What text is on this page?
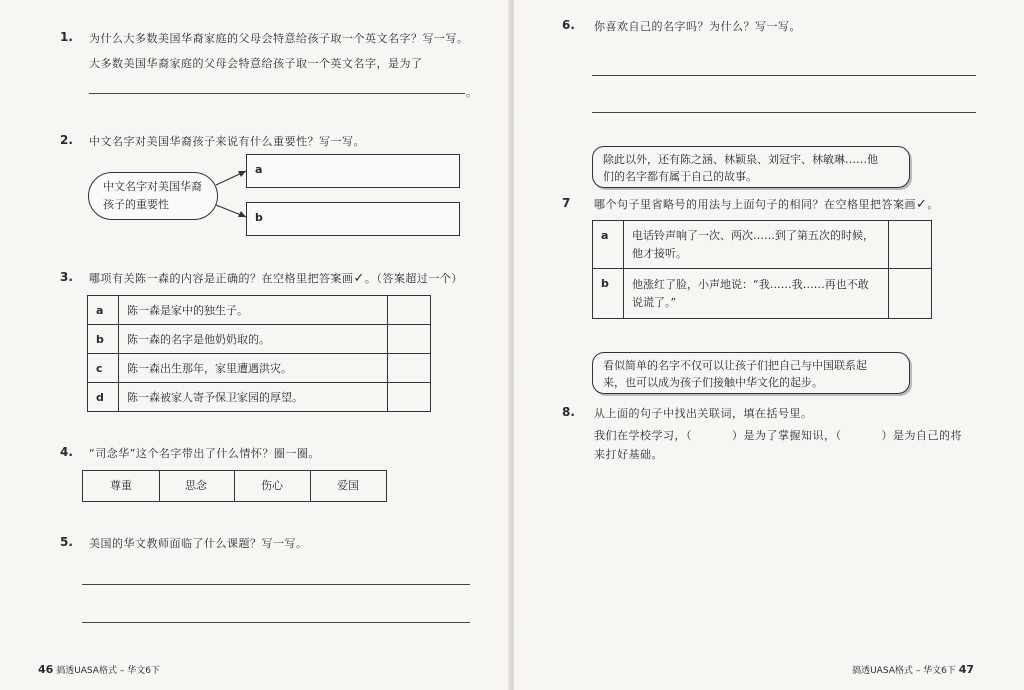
1. 为什么大多数美国华裔家庭的父母会特意给孩子取一个英文名字？写一写。
大多数美国华裔家庭的父母会特意给孩子取一个英文名字，是为了
。
2. 中文名字对美国华裔孩子来说有什么重要性？写一写。
中文名字对美国华裔
孩子的重要性
a
b
3. 哪项有关陈一森的内容是正确的？在空格里把答案画✓。（答案超过一个）
a	陈一森是家中的独生子。	
b	陈一森的名字是他奶奶取的。	
c	陈一森出生那年，家里遭遇洪灾。	
d	陈一森被家人寄予保卫家园的厚望。	
4. “司念华”这个名字带出了什么情怀？圈一圈。
尊重	思念	伤心	爱国
5. 美国的华文教师面临了什么课题？写一写。
46 搞透UASA格式 – 华文6下
6. 你喜欢自己的名字吗？为什么？写一写。
除此以外，还有陈之涵、林颖泉、刘冠宇、林敏琳……他
们的名字都有属于自己的故事。
7 哪个句子里省略号的用法与上面句子的相同？在空格里把答案画✓。
a	电话铃声响了一次、两次……到了第五次的时候，
他才接听。	

b	他涨红了脸，小声地说：“我……我……再也不敢
说谎了。”	

看似简单的名字不仅可以让孩子们把自己与中国联系起
来，也可以成为孩子们接触中华文化的起步。
8. 从上面的句子中找出关联词，填在括号里。
我们在学校学习，（	）是为了掌握知识，（	）是为自己的将
来打好基础。
搞透UASA格式 – 华文6下 47
